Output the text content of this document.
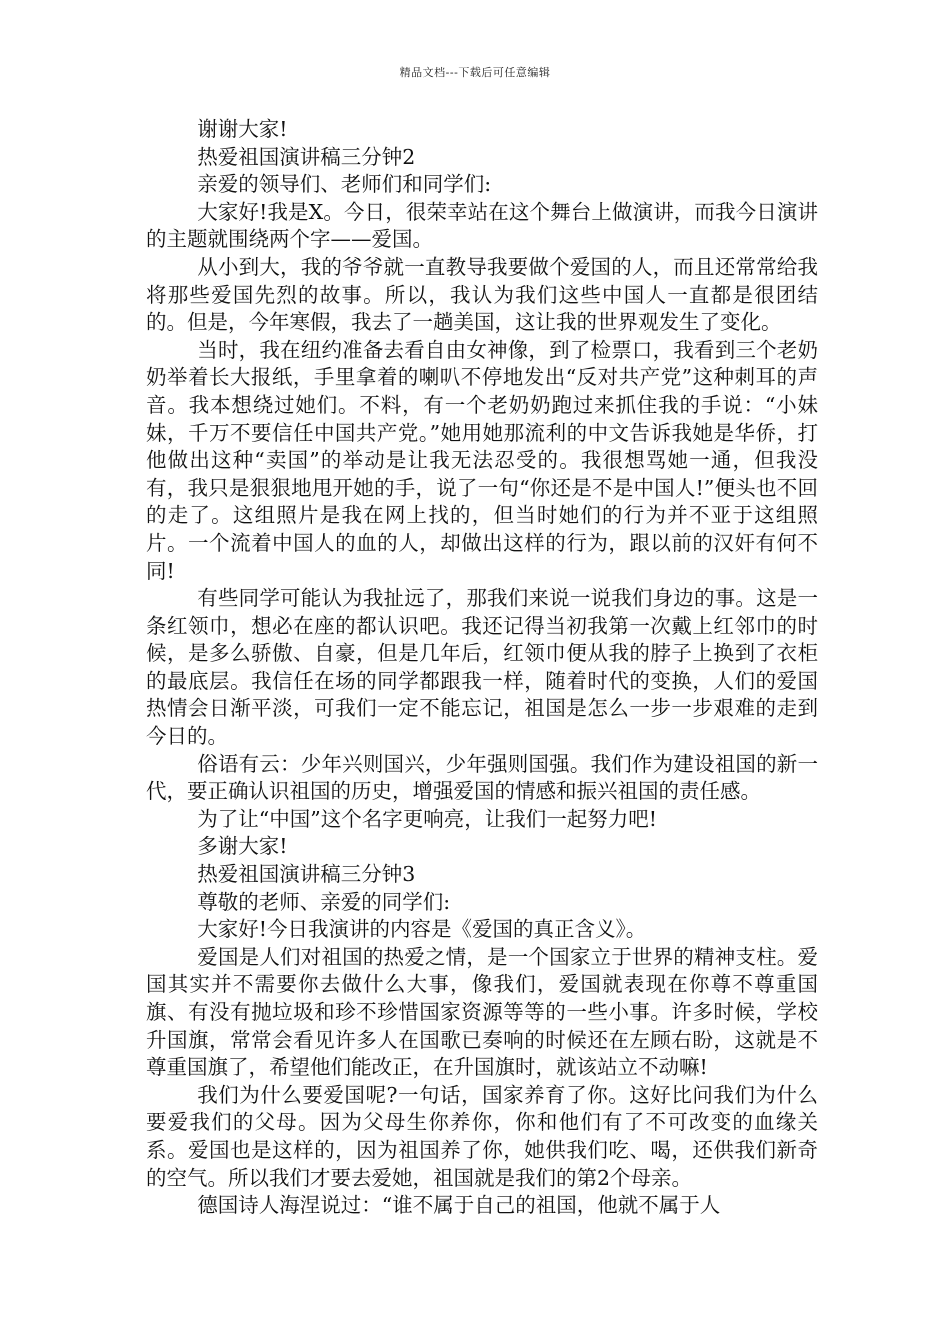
精品文档---下载后可任意编辑

谢谢大家!

热爱祖国演讲稿三分钟2

亲爱的领导们、老师们和同学们:

大家好!我是X。今日，很荣幸站在这个舞台上做演讲，而我今日演讲的主题就围绕两个字——爱国。

从小到大，我的爷爷就一直教导我要做个爱国的人，而且还常常给我将那些爱国先烈的故事。所以，我认为我们这些中国人一直都是很团结的。但是，今年寒假，我去了一趟美国，这让我的世界观发生了变化。

当时，我在纽约准备去看自由女神像，到了检票口，我看到三个老奶奶举着长大报纸，手里拿着的喇叭不停地发出“反对共产党”这种刺耳的声音。我本想绕过她们。不料，有一个老奶奶跑过来抓住我的手说：“小妹妹，千万不要信任中国共产党。”她用她那流利的中文告诉我她是华侨，打他做出这种“卖国”的举动是让我无法忍受的。我很想骂她一通，但我没有，我只是狠狠地甩开她的手，说了一句“你还是不是中国人!”便头也不回的走了。这组照片是我在网上找的，但当时她们的行为并不亚于这组照片。一个流着中国人的血的人，却做出这样的行为，跟以前的汉奸有何不同!

有些同学可能认为我扯远了，那我们来说一说我们身边的事。这是一条红领巾，想必在座的都认识吧。我还记得当初我第一次戴上红邻巾的时候，是多么骄傲、自豪，但是几年后，红领巾便从我的脖子上换到了衣柜的最底层。我信任在场的同学都跟我一样，随着时代的变换，人们的爱国热情会日渐平淡，可我们一定不能忘记，祖国是怎么一步一步艰难的走到今日的。

俗语有云：少年兴则国兴，少年强则国强。我们作为建设祖国的新一代，要正确认识祖国的历史，增强爱国的情感和振兴祖国的责任感。

为了让“中国”这个名字更响亮，让我们一起努力吧!

多谢大家!

热爱祖国演讲稿三分钟3

尊敬的老师、亲爱的同学们:

大家好!今日我演讲的内容是《爱国的真正含义》。

爱国是人们对祖国的热爱之情，是一个国家立于世界的精神支柱。爱国其实并不需要你去做什么大事，像我们，爱国就表现在你尊不尊重国旗、有没有抛垃圾和珍不珍惜国家资源等等的一些小事。许多时候，学校升国旗，常常会看见许多人在国歌已奏响的时候还在左顾右盼，这就是不尊重国旗了，希望他们能改正，在升国旗时，就该站立不动嘛!

我们为什么要爱国呢?一句话，国家养育了你。这好比问我们为什么要爱我们的父母。因为父母生你养你，你和他们有了不可改变的血缘关系。爱国也是这样的，因为祖国养了你，她供我们吃、喝，还供我们新奇的空气。所以我们才要去爱她，祖国就是我们的第2个母亲。

德国诗人海涅说过：“谁不属于自己的祖国，他就不属于人
